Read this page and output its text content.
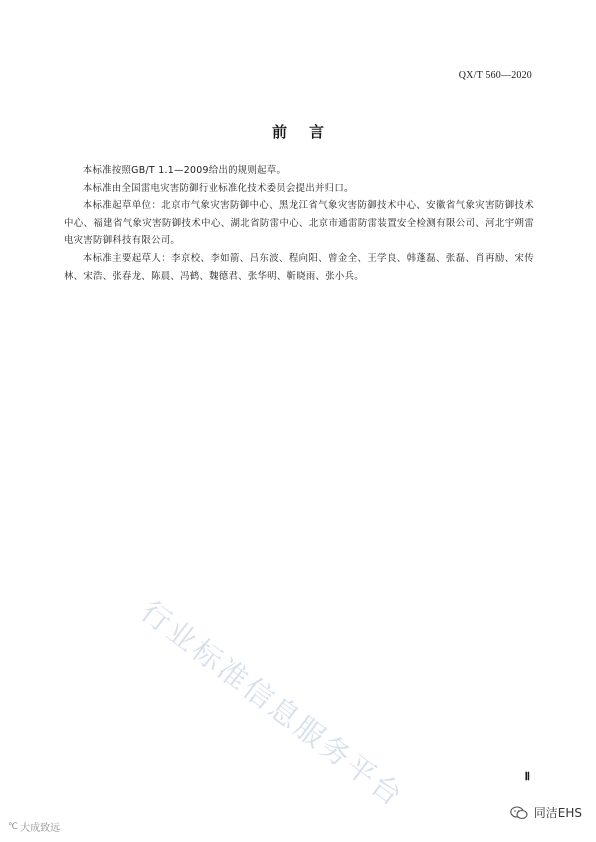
QX/T 560—2020
前言

本标准按照GB/T 1.1—2009给出的规则起草。

本标准由全国雷电灾害防御行业标准化技术委员会提出并归口。

本标准起草单位：北京市气象灾害防御中心、黑龙江省气象灾害防御技术中心、安徽省气象灾害防御技术中心、福建省气象灾害防御技术中心、湖北省防雷中心、北京市通雷防雷装置安全检测有限公司、河北宇朔雷电灾害防御科技有限公司。

本标准主要起草人：李京校、李如箭、吕东波、程向阳、曾金全、王学良、韩蓬磊、张磊、肖再励、宋传林、宋浩、张春龙、陈晨、冯鹤、魏德君、张华明、靳晓雨、张小兵。

行业标准信息服务平台	Ⅱ
同洁EHS
℃ 大成致远
